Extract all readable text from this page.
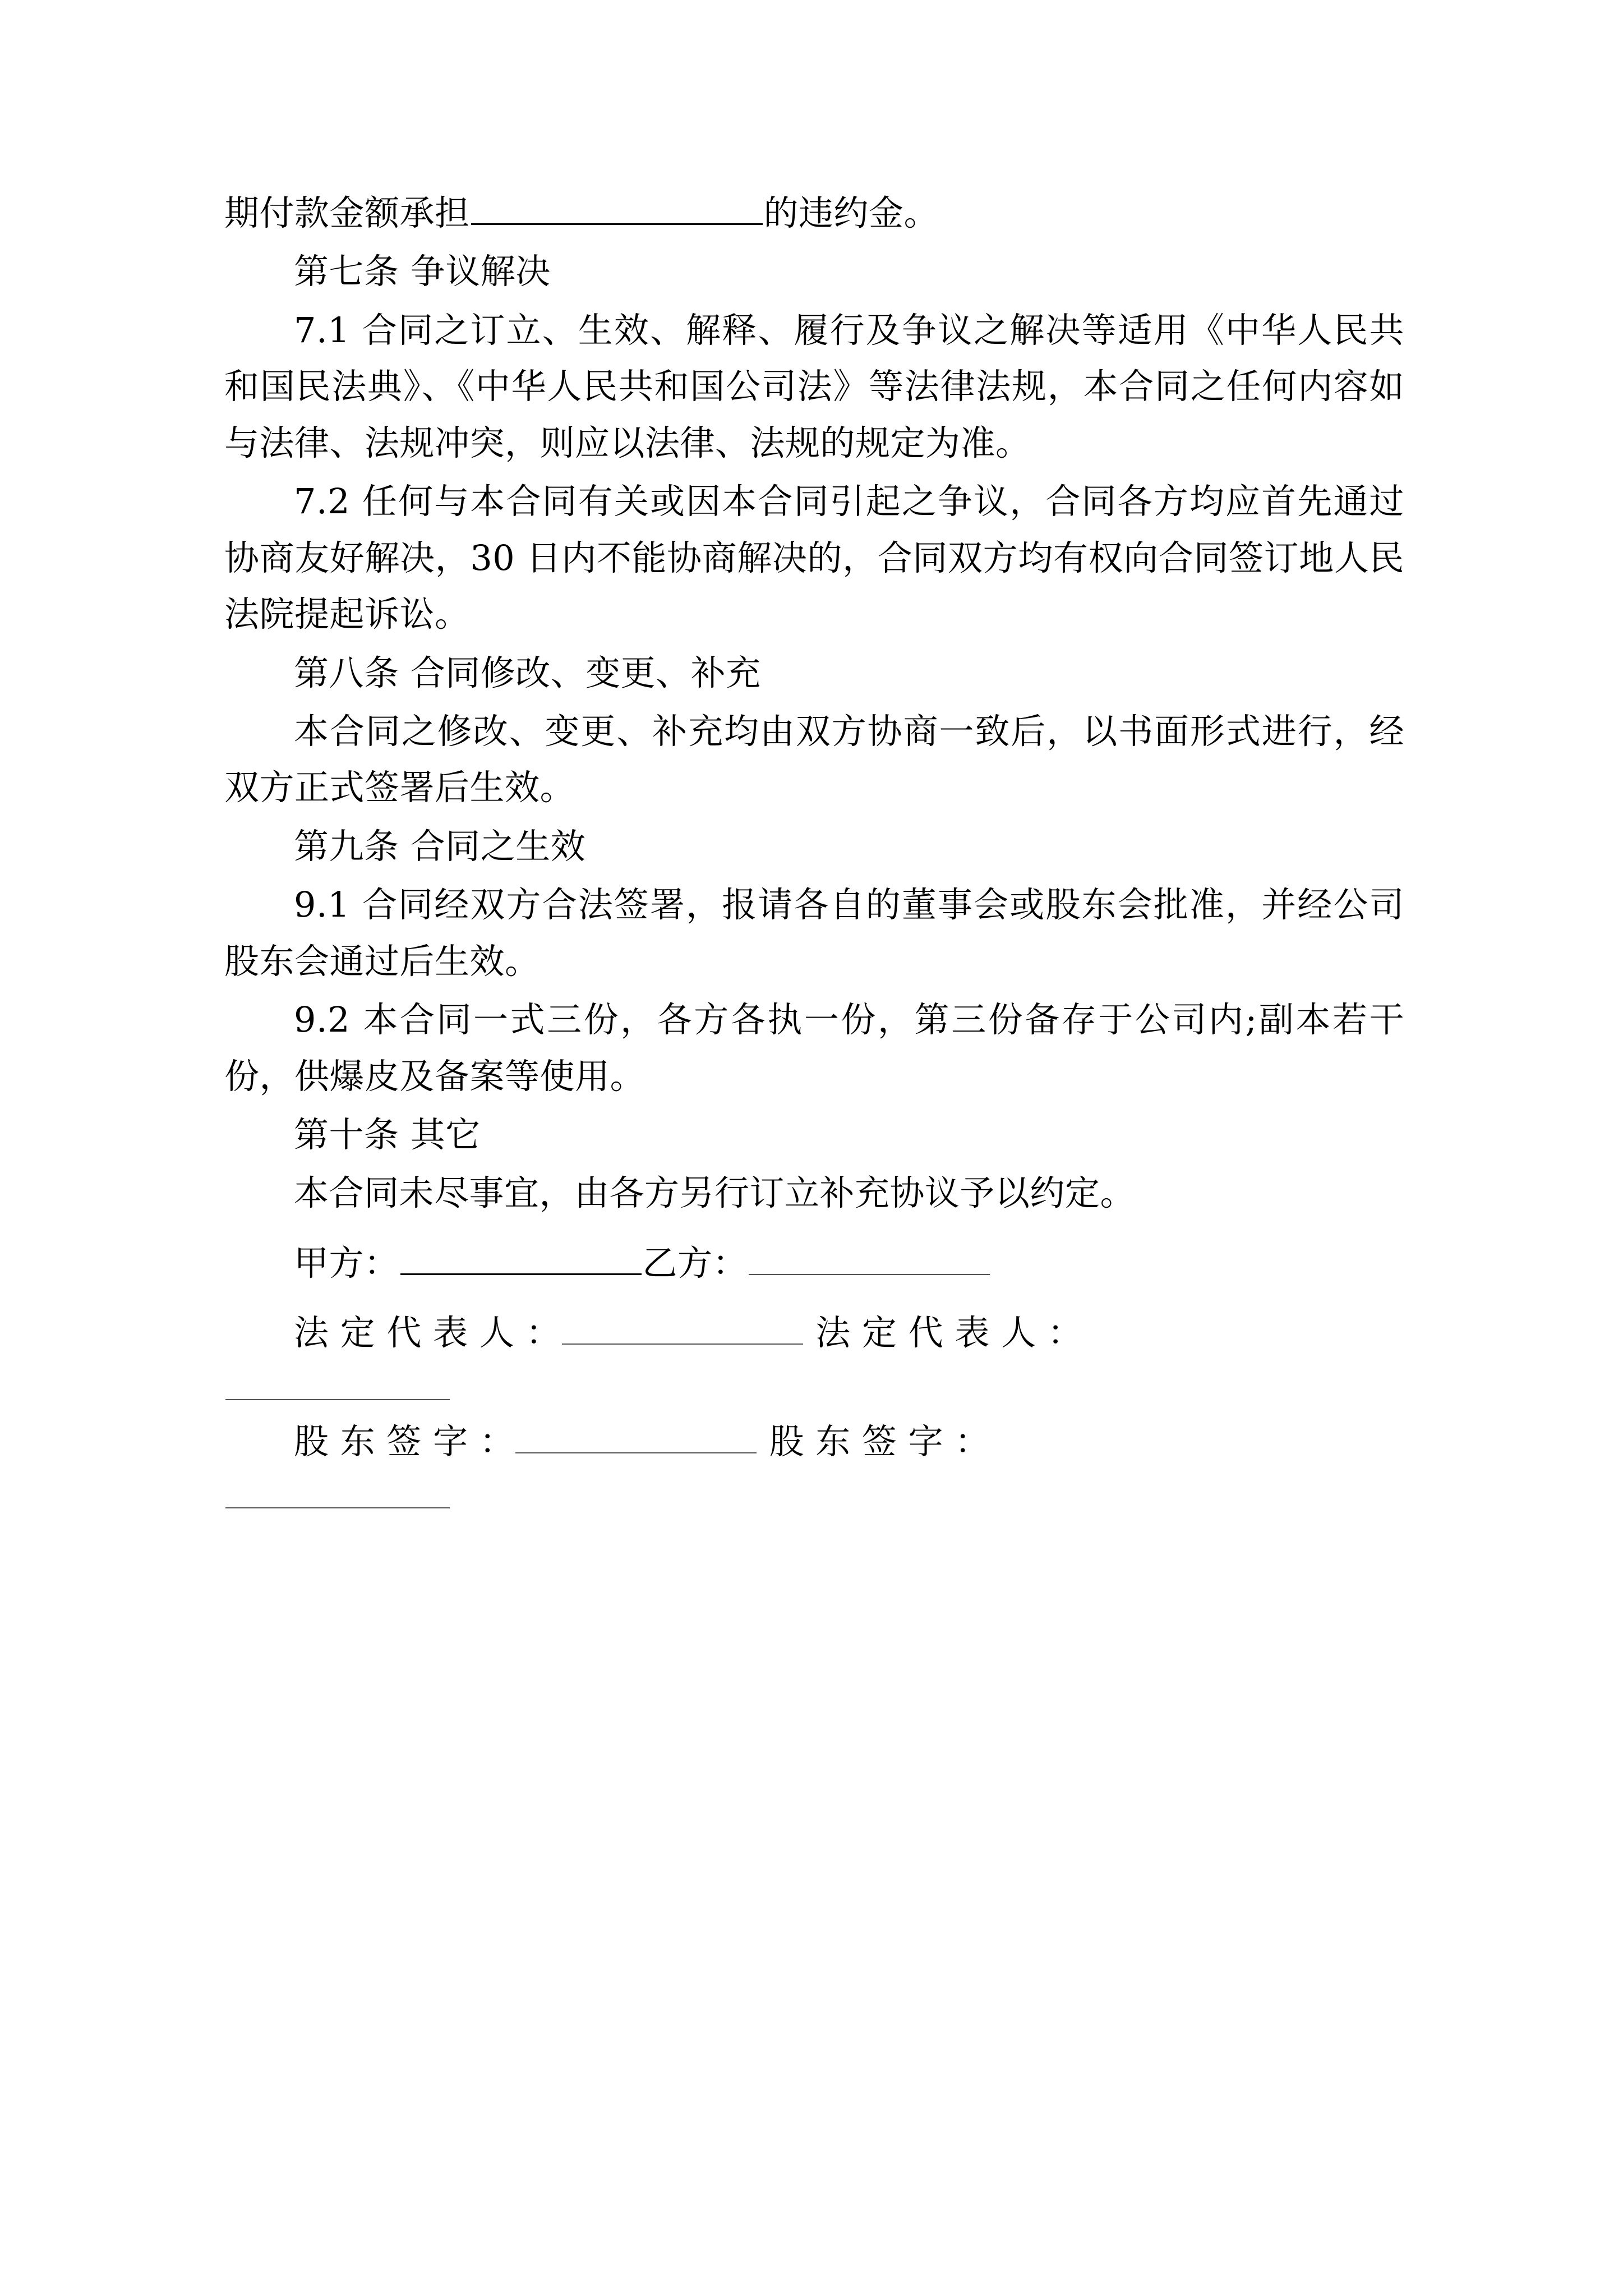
期付款金额承担	的违约金。

第七条 争议解决

7.1 合同之订立、生效、解释、履行及争议之解决等适用《中华人民共和国民法典》、《中华人民共和国公司法》等法律法规，本合同之任何内容如与法律、法规冲突，则应以法律、法规的规定为准。

7.2 任何与本合同有关或因本合同引起之争议，合同各方均应首先通过协商友好解决，30 日内不能协商解决的，合同双方均有权向合同签订地人民法院提起诉讼。

第八条 合同修改、变更、补充

本合同之修改、变更、补充均由双方协商一致后，以书面形式进行，经双方正式签署后生效。

第九条 合同之生效

9.1 合同经双方合法签署，报请各自的董事会或股东会批准，并经公司股东会通过后生效。

9.2 本合同一式三份，各方各执一份，第三份备存于公司内;副本若干份，供爆皮及备案等使用。

第十条 其它

本合同未尽事宜，由各方另行订立补充协议予以约定。

甲方：	乙方：

法 定 代 表 人 ：	法 定 代 表 人 ：

股 东 签 字 ：	股 东 签 字 ：
